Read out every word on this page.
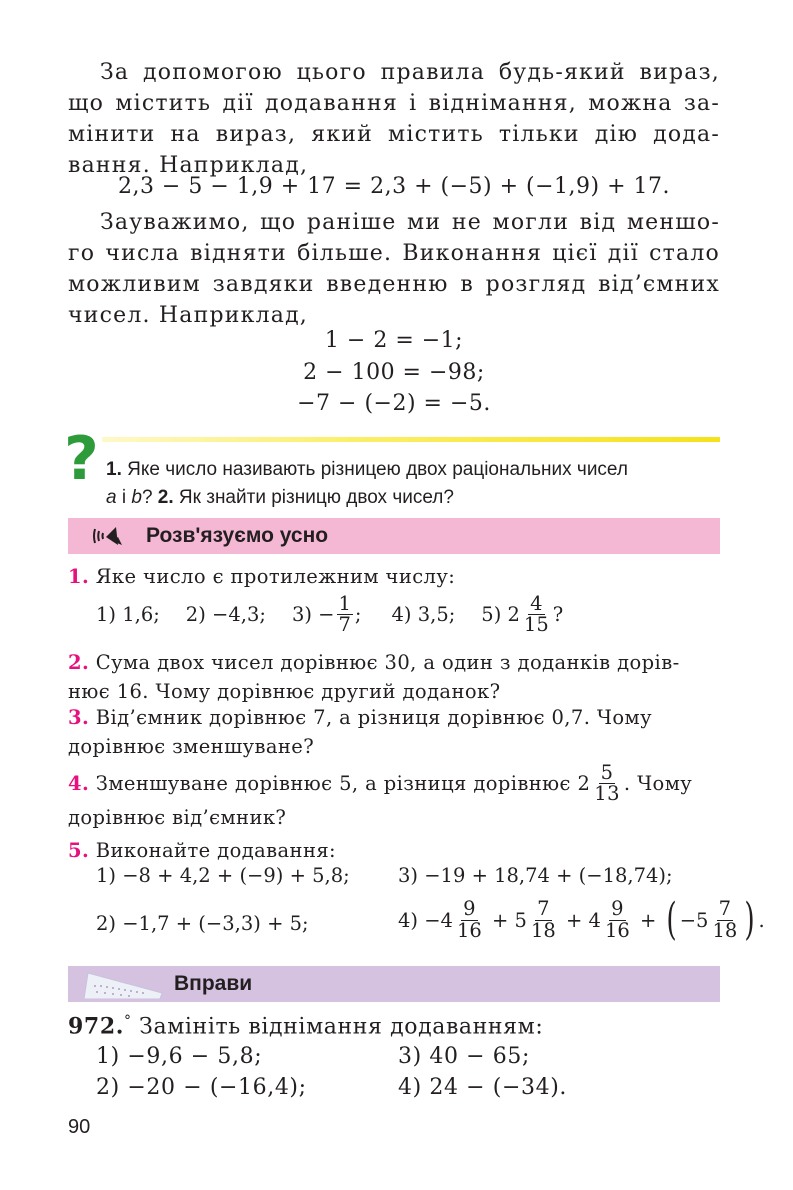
За допомогою цього правила будь-який вираз,
що містить дії додавання і віднімання, можна за-
мінити на вираз, який містить тільки дію дода-
вання. Наприклад,
2,3 − 5 − 1,9 + 17 = 2,3 + (−5) + (−1,9) + 17.
Зауважимо, що раніше ми не могли від меншо-
го числа відняти більше. Виконання цієї дії стало
можливим завдяки введенню в розгляд від’ємних
чисел. Наприклад,
1 − 2 = −1;
2 − 100 = −98;
−7 − (−2) = −5.
? 1. Яке число називають різницею двох раціональних чисел
a і b? 2. Як знайти різницю двох чисел?
Розв'язуємо усно
1. Яке число є протилежним числу:
1) 1,6; 2) −4,3; $3) - \frac{1}{7}$ ; 4) 3,5; 5) $2 \frac{4}{15}$ ?
2. Сума двох чисел дорівнює 30, а один з доданків дорів-
нює 16. Чому дорівнює другий доданок?
3. Від’ємник дорівнює 7, а різниця дорівнює 0,7. Чому
дорівнює зменшуване?
4. Зменшуване дорівнює 5, а різниця дорівнює $2 \frac{5}{13}$ . Чому
дорівнює від’ємник?
5. Виконайте додавання:
1) −8 + 4,2 + (−9) + 5,8; 3) −19 + 18,74 + (−18,74);
2) −1,7 + (−3,3) + 5;	$4) -4 \frac{9}{16} + 5 \frac{7}{18} + 4 \frac{9}{16}$ + ( $-5 \frac{7}{18}$ ) .
Вправи
972.° Замініть віднімання додаванням:
1) −9,6 − 5,8;	3) 40 − 65;
2) −20 − (−16,4);	4) 24 − (−34).
90
